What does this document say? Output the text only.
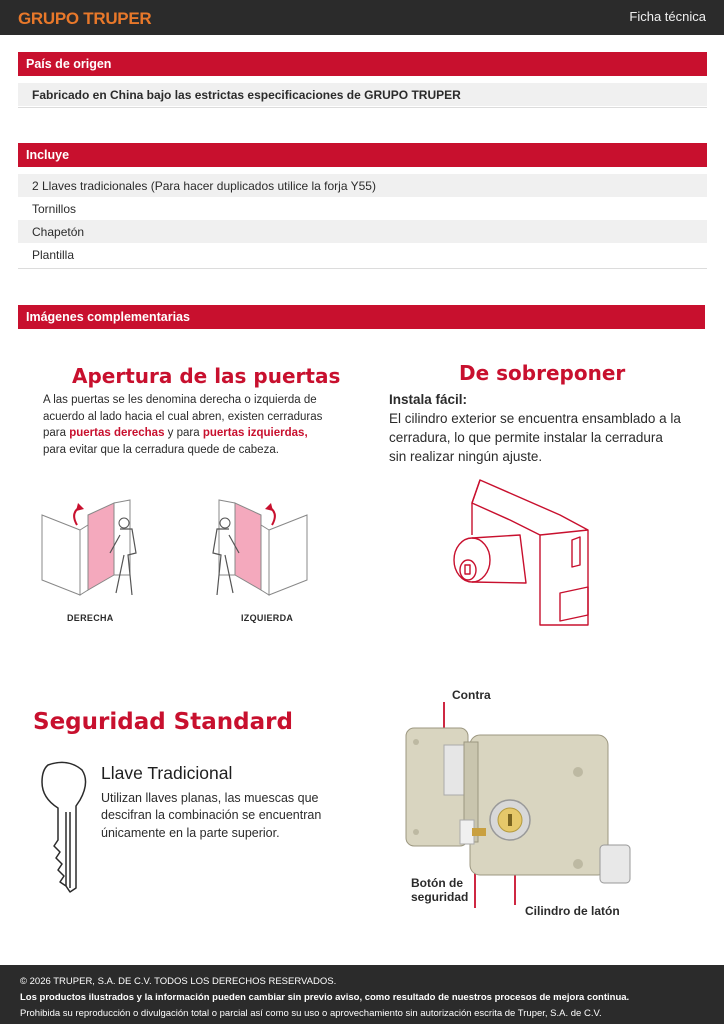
GRUPO TRUPER	Ficha técnica
País de origen
Fabricado en China bajo las estrictas especificaciones de GRUPO TRUPER
Incluye
2 Llaves tradicionales (Para hacer duplicados utilice la forja Y55)
Tornillos
Chapetón
Plantilla
Imágenes complementarias
Apertura de las puertas
A las puertas se les denomina derecha o izquierda de
acuerdo al lado hacia el cual abren, existen cerraduras
para puertas derechas y para puertas izquierdas,
para evitar que la cerradura quede de cabeza.
DERECHA	IZQUIERDA
De sobreponer
Instala fácil:
El cilindro exterior se encuentra ensamblado a la
cerradura, lo que permite instalar la cerradura
sin realizar ningún ajuste.
Seguridad Standard
Llave Tradicional
Utilizan llaves planas, las muescas que
descifran la combinación se encuentran
únicamente en la parte superior.
Contra
Botón de
seguridad
Cilindro de latón
© 2026 TRUPER, S.A. DE C.V. TODOS LOS DERECHOS RESERVADOS.
Los productos ilustrados y la información pueden cambiar sin previo aviso, como resultado de nuestros procesos de mejora continua.
Prohibida su reproducción o divulgación total o parcial así como su uso o aprovechamiento sin autorización escrita de Truper, S.A. de C.V.
